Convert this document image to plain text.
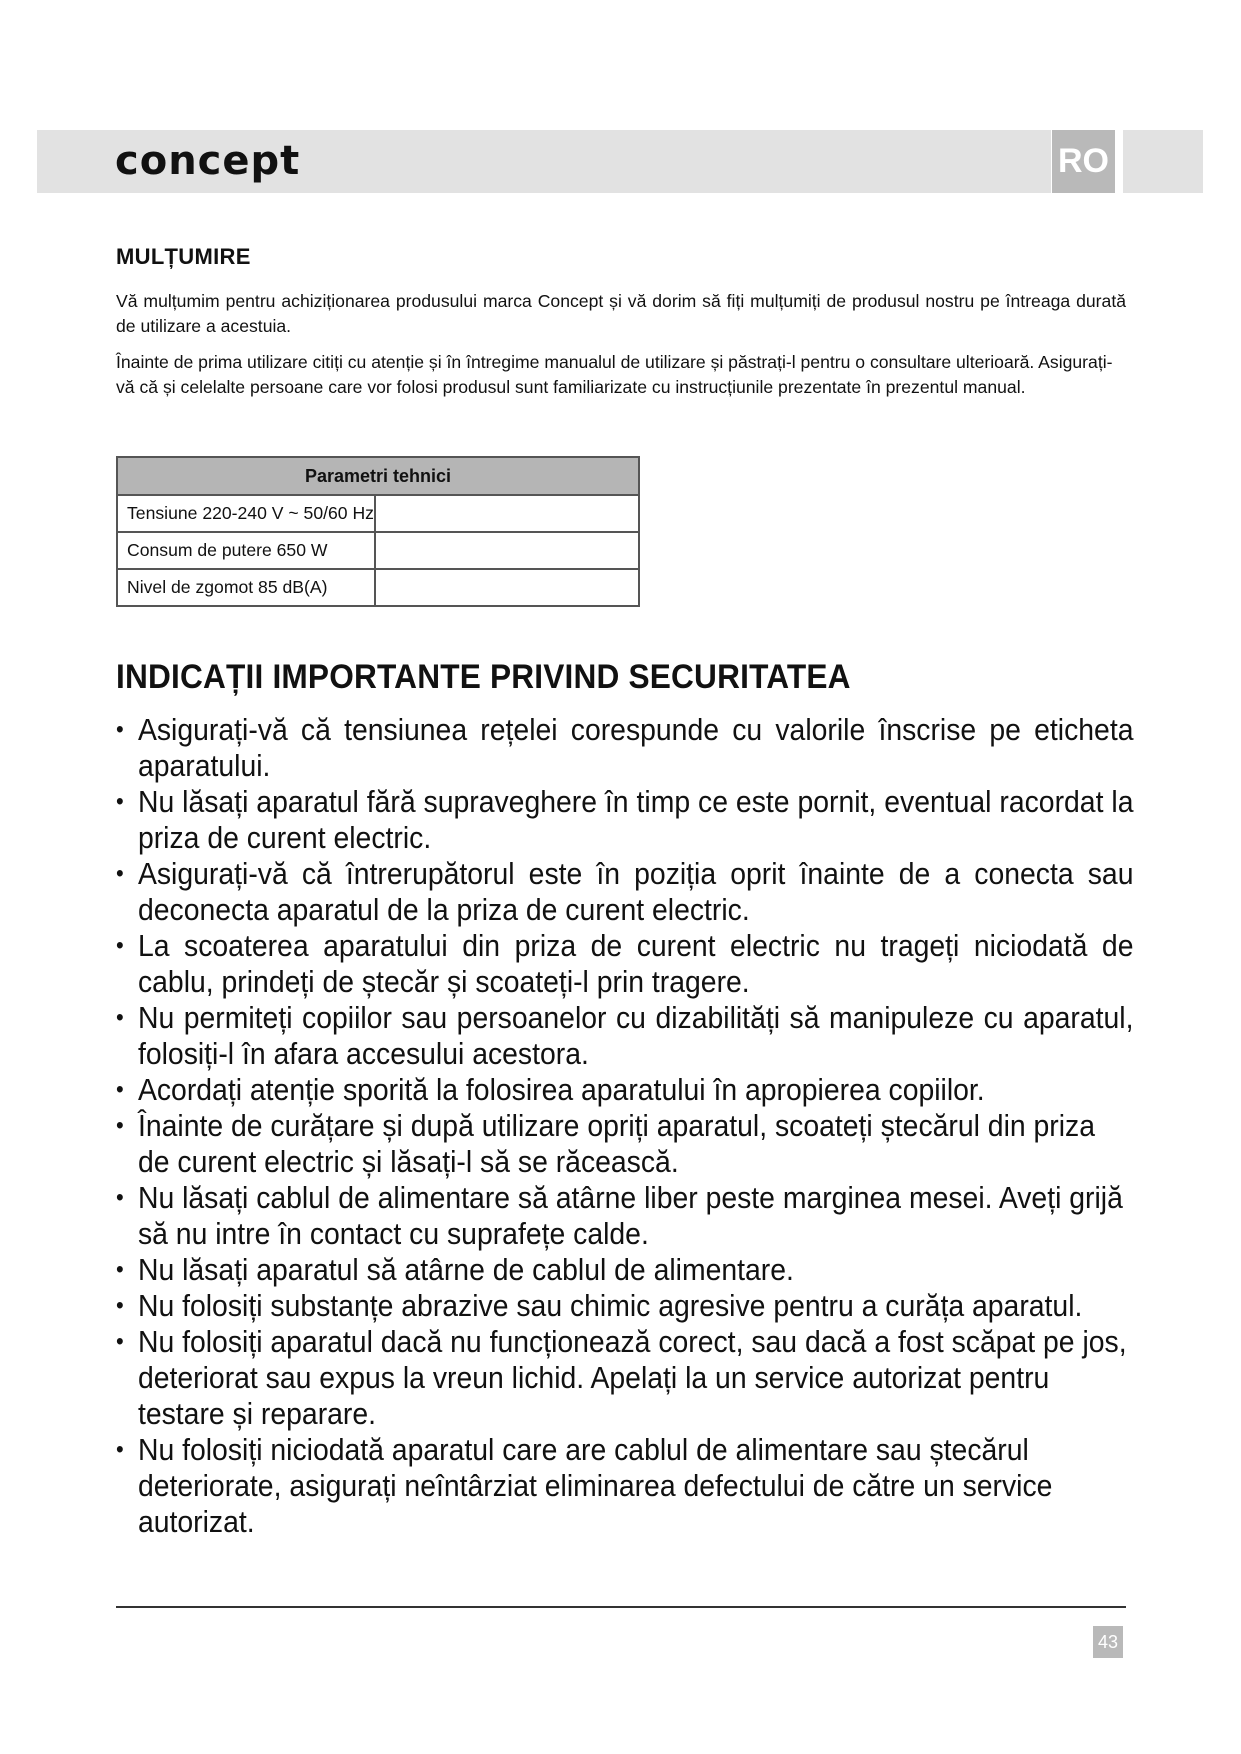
concept	RO
MULȚUMIRE

Vă mulțumim pentru achiziționarea produsului marca Concept și vă dorim să fiți mulțumiți de produsul nostru pe întreaga durată de utilizare a acestuia.

Înainte de prima utilizare citiți cu atenție și în întregime manualul de utilizare și păstrați-l pentru o consultare ulterioară. Asigurați-vă că și celelalte persoane care vor folosi produsul sunt familiarizate cu instrucțiunile prezentate în prezentul manual.

Parametri tehnici	
Tensiune 220-240 V ~ 50/60 Hz	
Consum de putere 650 W	
Nivel de zgomot 85 dB(A)	
INDICAȚII IMPORTANTE PRIVIND SECURITATEA
• Asigurați-vă că tensiunea rețelei corespunde cu valorile înscrise pe eticheta aparatului.
• Nu lăsați aparatul fără supraveghere în timp ce este pornit, eventual racordat la priza de curent electric.
• Asigurați-vă că întrerupătorul este în poziția oprit înainte de a conecta sau deconecta aparatul de la priza de curent electric.
• La scoaterea aparatului din priza de curent electric nu trageți niciodată de cablu, prindeți de ștecăr și scoateți-l prin tragere.
• Nu permiteți copiilor sau persoanelor cu dizabilități să manipuleze cu aparatul, folosiți-l în afara accesului acestora.
• Acordați atenție sporită la folosirea aparatului în apropierea copiilor.
• Înainte de curățare și după utilizare opriți aparatul, scoateți ștecărul din priza de curent electric și lăsați-l să se răcească.
• Nu lăsați cablul de alimentare să atârne liber peste marginea mesei. Aveți grijă să nu intre în contact cu suprafețe calde.
• Nu lăsați aparatul să atârne de cablul de alimentare.
• Nu folosiți substanțe abrazive sau chimic agresive pentru a curăța aparatul.
• Nu folosiți aparatul dacă nu funcționează corect, sau dacă a fost scăpat pe jos, deteriorat sau expus la vreun lichid. Apelați la un service autorizat pentru testare și reparare.
• Nu folosiți niciodată aparatul care are cablul de alimentare sau ștecărul deteriorate, asigurați neîntârziat eliminarea defectului de către un service autorizat.
43
